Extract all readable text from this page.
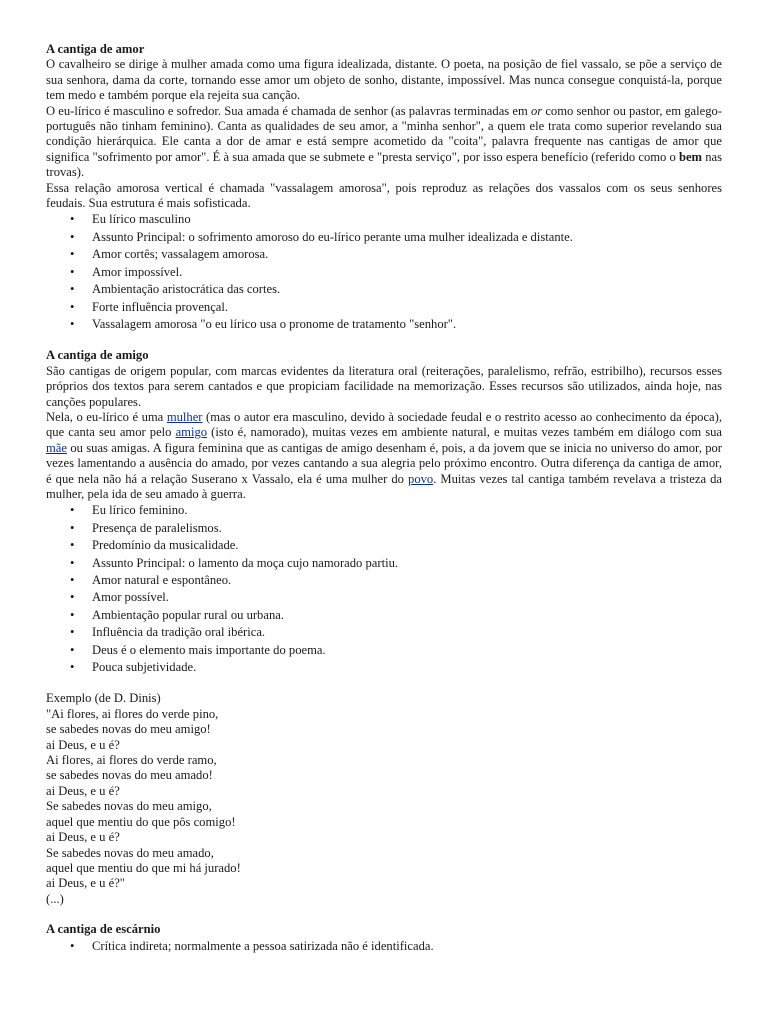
A cantiga de amor

O cavalheiro se dirige à mulher amada como uma figura idealizada, distante. O poeta, na posição de fiel vassalo, se põe a serviço de sua senhora, dama da corte, tornando esse amor um objeto de sonho, distante, impossível. Mas nunca consegue conquistá-la, porque tem medo e também porque ela rejeita sua canção.

O eu-lírico é masculino e sofredor. Sua amada é chamada de senhor (as palavras terminadas em or como senhor ou pastor, em galego-português não tinham feminino). Canta as qualidades de seu amor, a "minha senhor", a quem ele trata como superior revelando sua condição hierárquica. Ele canta a dor de amar e está sempre acometido da "coita", palavra frequente nas cantigas de amor que significa "sofrimento por amor". É à sua amada que se submete e "presta serviço", por isso espera benefício (referido como o bem nas trovas).

Essa relação amorosa vertical é chamada "vassalagem amorosa", pois reproduz as relações dos vassalos com os seus senhores feudais. Sua estrutura é mais sofisticada.

• Eu lírico masculino
• Assunto Principal: o sofrimento amoroso do eu-lírico perante uma mulher idealizada e distante.
• Amor cortês; vassalagem amorosa.
• Amor impossível.
• Ambientação aristocrática das cortes.
• Forte influência provençal.
• Vassalagem amorosa "o eu lírico usa o pronome de tratamento "senhor".
A cantiga de amigo

São cantigas de origem popular, com marcas evidentes da literatura oral (reiterações, paralelismo, refrão, estribilho), recursos esses próprios dos textos para serem cantados e que propiciam facilidade na memorização. Esses recursos são utilizados, ainda hoje, nas canções populares.

Nela, o eu-lírico é uma mulher (mas o autor era masculino, devido à sociedade feudal e o restrito acesso ao conhecimento da época), que canta seu amor pelo amigo (isto é, namorado), muitas vezes em ambiente natural, e muitas vezes também em diálogo com sua mãe ou suas amigas. A figura feminina que as cantigas de amigo desenham é, pois, a da jovem que se inicia no universo do amor, por vezes lamentando a ausência do amado, por vezes cantando a sua alegria pelo próximo encontro. Outra diferença da cantiga de amor, é que nela não há a relação Suserano x Vassalo, ela é uma mulher do povo. Muitas vezes tal cantiga também revelava a tristeza da mulher, pela ida de seu amado à guerra.

• Eu lírico feminino.
• Presença de paralelismos.
• Predomínio da musicalidade.
• Assunto Principal: o lamento da moça cujo namorado partiu.
• Amor natural e espontâneo.
• Amor possível.
• Ambientação popular rural ou urbana.
• Influência da tradição oral ibérica.
• Deus é o elemento mais importante do poema.
• Pouca subjetividade.
Exemplo (de D. Dinis)
"Ai flores, ai flores do verde pino,
se sabedes novas do meu amigo!
ai Deus, e u é?
Ai flores, ai flores do verde ramo,
se sabedes novas do meu amado!
ai Deus, e u é?
Se sabedes novas do meu amigo,
aquel que mentiu do que pôs comigo!
ai Deus, e u é?
Se sabedes novas do meu amado,
aquel que mentiu do que mi há jurado!
ai Deus, e u é?"
(...)
A cantiga de escárnio
• Crítica indireta; normalmente a pessoa satirizada não é identificada.
